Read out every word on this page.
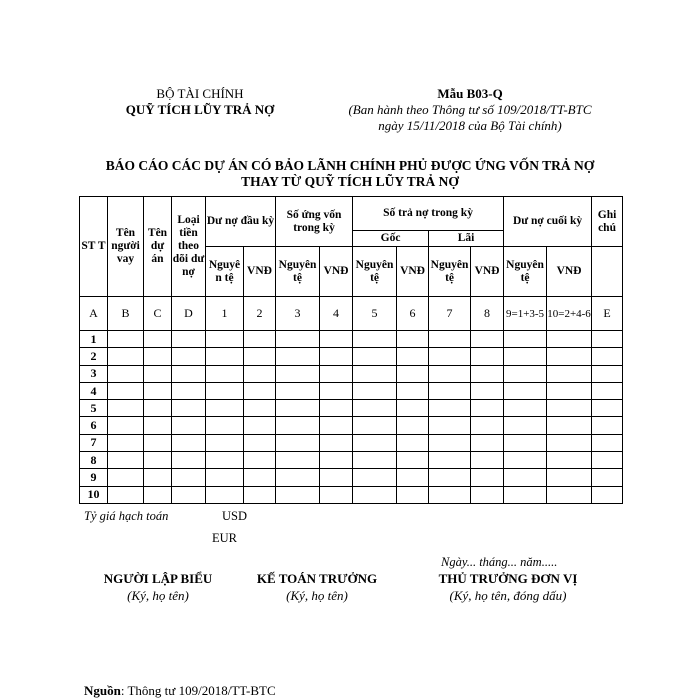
BỘ TÀI CHÍNH
QUỸ TÍCH LŨY TRẢ NỢ
Mẫu B03-Q
(Ban hành theo Thông tư số 109/2018/TT-BTC
ngày 15/11/2018 của Bộ Tài chính)
BÁO CÁO CÁC DỰ ÁN CÓ BẢO LÃNH CHÍNH PHỦ ĐƯỢC ỨNG VỐN TRẢ NỢ
THAY TỪ QUỸ TÍCH LŨY TRẢ NỢ
ST T	Tên người vay	Tên dự án	Loại tiền theo dõi dư nợ	Dư nợ đầu kỳ		Số ứng vốn trong kỳ		Số trả nợ trong kỳ				Dư nợ cuối kỳ		Ghi chú
								Gốc		Lãi				
				Nguyên tệ	VNĐ	Nguyên tệ	VNĐ	Nguyên tệ	VNĐ	Nguyên tệ	VNĐ	Nguyên tệ	VNĐ	
A	B	C	D	1	2	3	4	5	6	7	8	9=1+3-5	10=2+4-6	E
1														
2														
3														
4														
5														
6														
7														
8														
9														
10														
Tỷ giá hạch toán	USD
EUR
Ngày... tháng... năm.....
NGƯỜI LẬP BIỂU
(Ký, họ tên)
KẾ TOÁN TRƯỞNG
(Ký, họ tên)
THỦ TRƯỞNG ĐƠN VỊ
(Ký, họ tên, đóng dấu)
Nguồn: Thông tư 109/2018/TT-BTC
